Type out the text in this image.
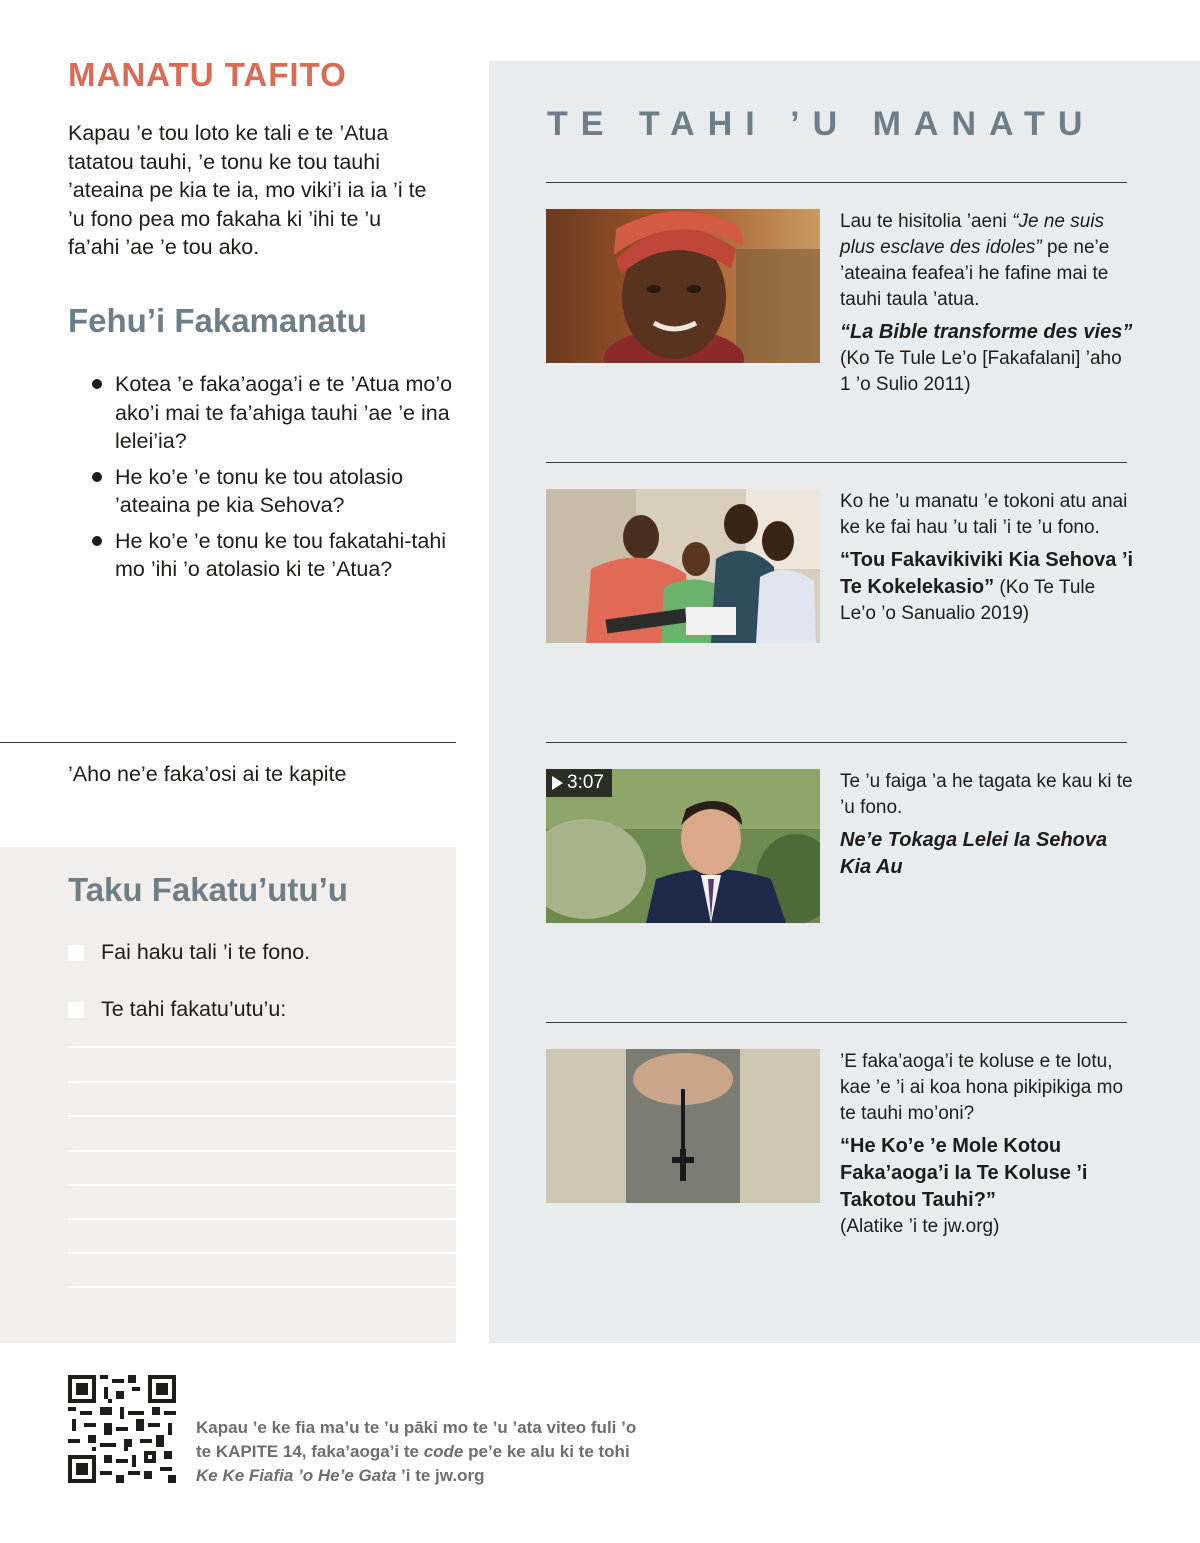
MANATU TAFITO

Kapau ’e tou loto ke tali e te ’Atua tatatou tauhi, ’e tonu ke tou tauhi ’ateaina pe kia te ia, mo viki’i ia ia ’i te ’u fono pea mo fakaha ki ’ihi te ’u fa’ahi ’ae ’e tou ako.

Fehu’i Fakamanatu
Kotea ’e faka’aoga’i e te ’Atua mo’o ako’i mai te fa’ahiga tauhi ’ae ’e ina lelei’ia?
He ko’e ’e tonu ke tou atolasio ’ateaina pe kia Sehova?
He ko’e ’e tonu ke tou fakatahi-tahi mo ’ihi ’o atolasio ki te ’Atua?

’Aho ne’e faka’osi ai te kapite

Taku Fakatu’utu’u
Fai haku tali ’i te fono.
Te tahi fakatu’utu’u:
TE TAHI ’U MANATU

Lau te hisitolia ’aeni “Je ne suis plus esclave des idoles” pe ne’e ’ateaina feafea’i he fafine mai te tauhi taula ’atua.

“La Bible transforme des vies”
(Ko Te Tule Le’o [Fakafalani] ’aho 1 ’o Sulio 2011)

Ko he ’u manatu ’e tokoni atu anai ke ke fai hau ’u tali ’i te ’u fono.

“Tou Fakavikiviki Kia Sehova ’i Te Kokelekasio” (Ko Te Tule Le’o ’o Sanualio 2019)

3:07	Te ’u faiga ’a he tagata ke kau ki te ’u fono.

Ne’e Tokaga Lelei Ia Sehova Kia Au

’E faka’aoga’i te koluse e te lotu, kae ’e ’i ai koa hona pikipikiga mo te tauhi mo’oni?

“He Ko’e ’e Mole Kotou Faka’aoga’i Ia Te Koluse ’i Takotou Tauhi?”
(Alatike ’i te jw.org)

Kapau ’e ke fia ma’u te ’u pāki mo te ’u ’ata viteo fuli ’o te KAPITE 14, faka’aoga’i te code pe’e ke alu ki te tohi Ke Ke Fiafia ’o He’e Gata ’i te jw.org
